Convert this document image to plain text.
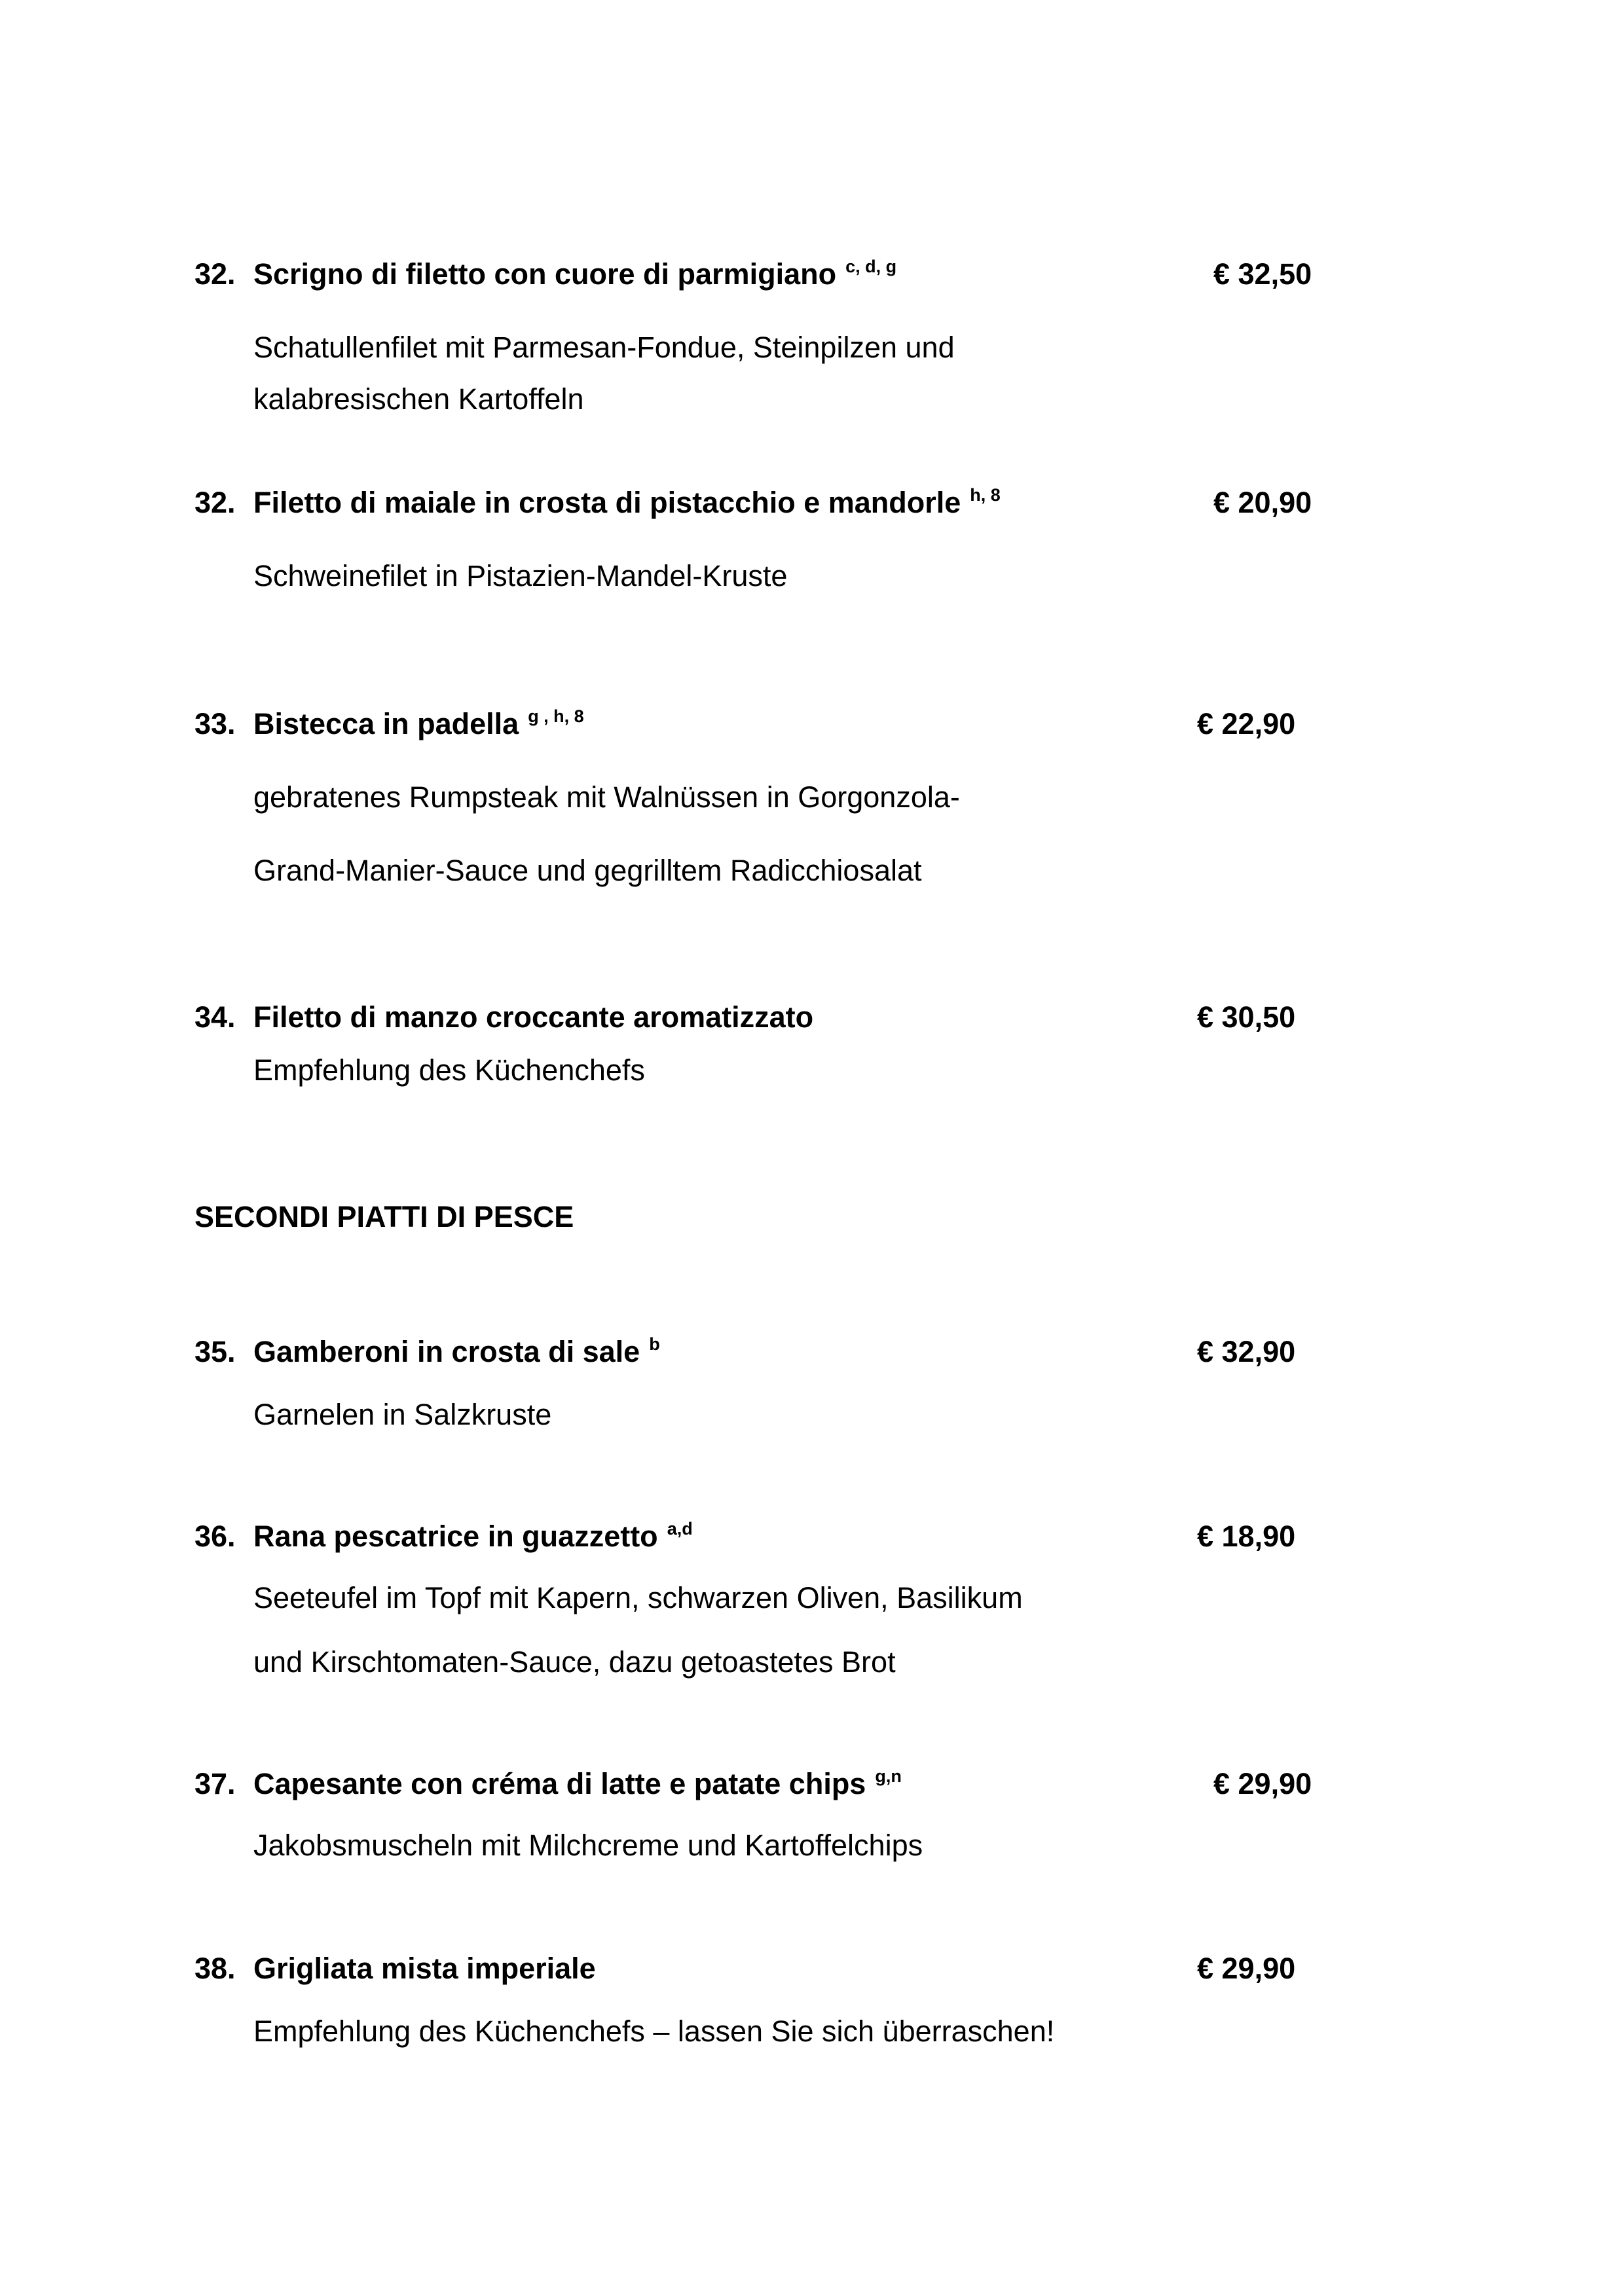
32. Scrigno di filetto con cuore di parmigiano $^{c, d, g}$	€ 32,50
Schatullenfilet mit Parmesan-Fondue, Steinpilzen und
kalabresischen Kartoffeln
32. Filetto di maiale in crosta di pistacchio e mandorle $^{h, 8}$	€ 20,90
Schweinefilet in Pistazien-Mandel-Kruste
33. Bistecca in padella $^{g , h, 8}$	€ 22,90
gebratenes Rumpsteak mit Walnüssen in Gorgonzola-
Grand-Manier-Sauce und gegrilltem Radicchiosalat
34. Filetto di manzo croccante aromatizzato	€ 30,50
Empfehlung des Küchenchefs
SECONDI PIATTI DI PESCE
35. Gamberoni in crosta di sale $^b$	€ 32,90
Garnelen in Salzkruste
36. Rana pescatrice in guazzetto $^{a,d}$	€ 18,90
Seeteufel im Topf mit Kapern, schwarzen Oliven, Basilikum
und Kirschtomaten-Sauce, dazu getoastetes Brot
37. Capesante con créma di latte e patate chips $^{g,n}$	€ 29,90
Jakobsmuscheln mit Milchcreme und Kartoffelchips
38. Grigliata mista imperiale	€ 29,90
Empfehlung des Küchenchefs – lassen Sie sich überraschen!
